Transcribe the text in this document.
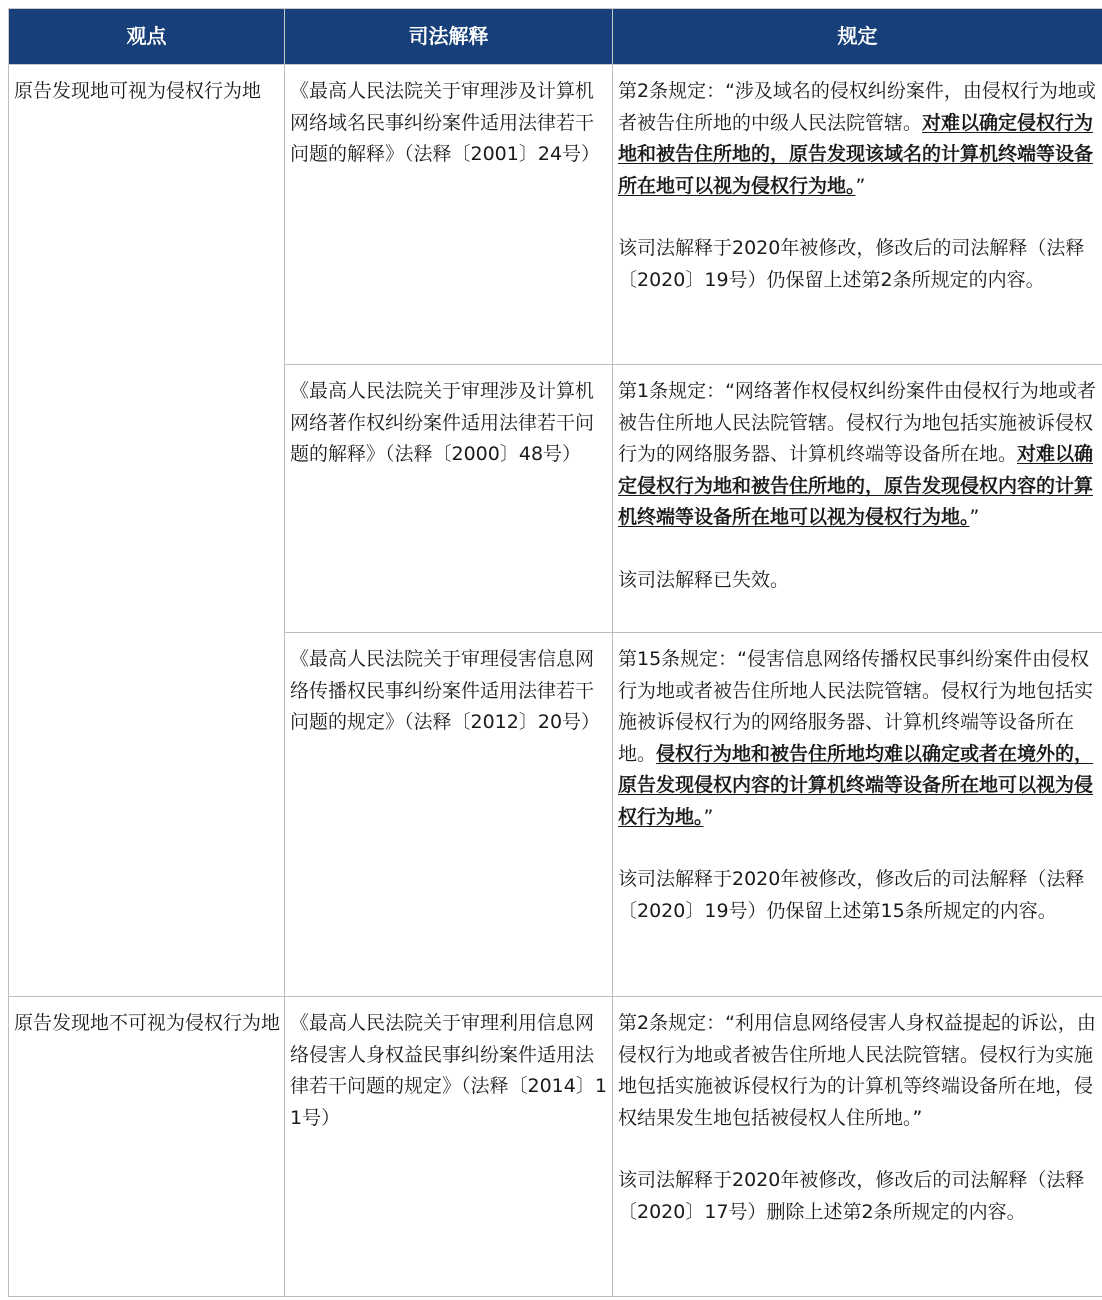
观点	司法解释	规定
原告发现地可视为侵权行为地	《最高人民法院关于审理涉及计算机网络域名民事纠纷案件适用法律若干问题的解释》（法释〔2001〕24号）	第2条规定：“涉及域名的侵权纠纷案件，由侵权行为地或者被告住所地的中级人民法院管辖。对难以确定侵权行为地和被告住所地的，原告发现该域名的计算机终端等设备所在地可以视为侵权行为地。”

该司法解释于2020年被修改，修改后的司法解释（法释〔2020〕19号）仍保留上述第2条所规定的内容。

	《最高人民法院关于审理涉及计算机网络著作权纠纷案件适用法律若干问题的解释》（法释〔2000〕48号）	第1条规定：“网络著作权侵权纠纷案件由侵权行为地或者被告住所地人民法院管辖。侵权行为地包括实施被诉侵权行为的网络服务器、计算机终端等设备所在地。对难以确定侵权行为地和被告住所地的，原告发现侵权内容的计算机终端等设备所在地可以视为侵权行为地。”

该司法解释已失效。

	《最高人民法院关于审理侵害信息网络传播权民事纠纷案件适用法律若干问题的规定》（法释〔2012〕20号）	第15条规定：“侵害信息网络传播权民事纠纷案件由侵权行为地或者被告住所地人民法院管辖。侵权行为地包括实施被诉侵权行为的网络服务器、计算机终端等设备所在地。侵权行为地和被告住所地均难以确定或者在境外的，原告发现侵权内容的计算机终端等设备所在地可以视为侵权行为地。”

该司法解释于2020年被修改，修改后的司法解释（法释〔2020〕19号）仍保留上述第15条所规定的内容。

原告发现地不可视为侵权行为地	《最高人民法院关于审理利用信息网络侵害人身权益民事纠纷案件适用法律若干问题的规定》（法释〔2014〕11号）	第2条规定：“利用信息网络侵害人身权益提起的诉讼，由侵权行为地或者被告住所地人民法院管辖。侵权行为实施地包括实施被诉侵权行为的计算机等终端设备所在地，侵权结果发生地包括被侵权人住所地。”

该司法解释于2020年被修改，修改后的司法解释（法释〔2020〕17号）删除上述第2条所规定的内容。
